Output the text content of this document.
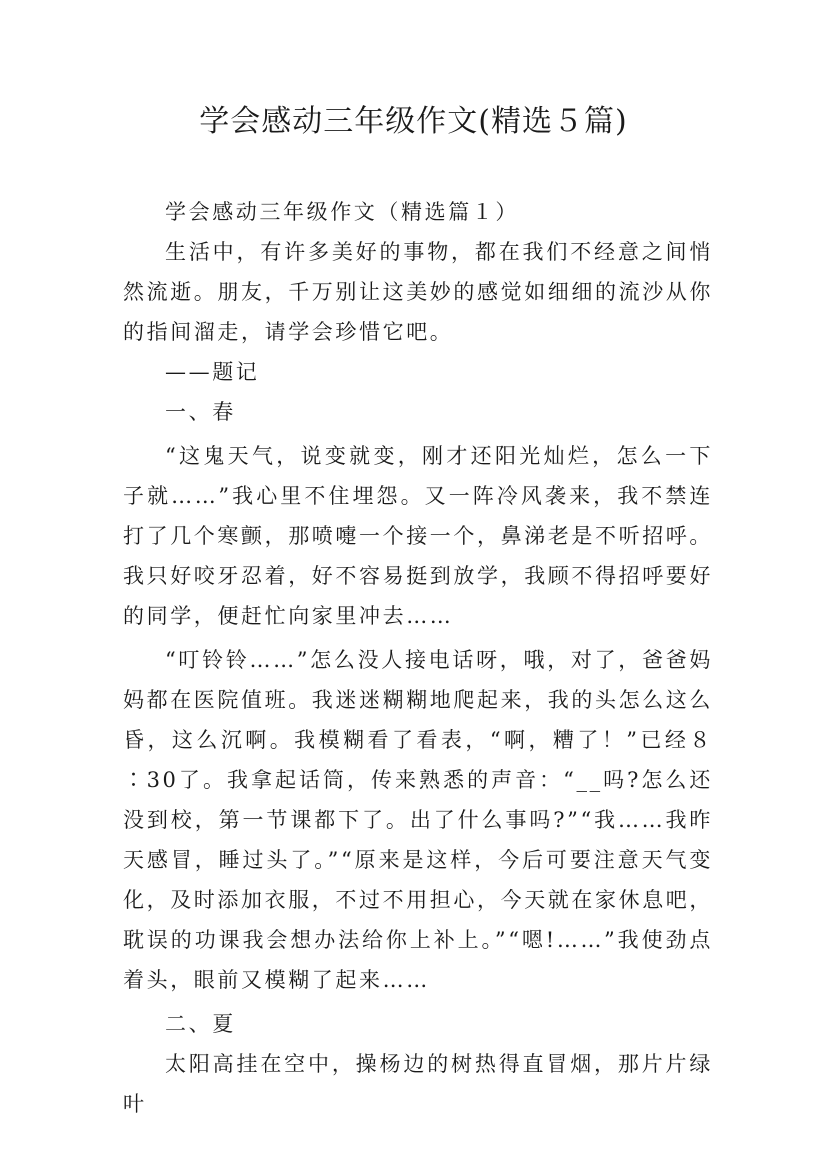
学会感动三年级作文(精选５篇)

学会感动三年级作文（精选篇１）

生活中，有许多美好的事物，都在我们不经意之间悄然流逝。朋友，千万别让这美妙的感觉如细细的流沙从你的指间溜走，请学会珍惜它吧。

——题记

一、春

“这鬼天气，说变就变，刚才还阳光灿烂，怎么一下子就……”我心里不住埋怨。又一阵冷风袭来，我不禁连打了几个寒颤，那喷嚏一个接一个，鼻涕老是不听招呼。我只好咬牙忍着，好不容易挺到放学，我顾不得招呼要好的同学，便赶忙向家里冲去……

“叮铃铃……”怎么没人接电话呀，哦，对了，爸爸妈妈都在医院值班。我迷迷糊糊地爬起来，我的头怎么这么昏，这么沉啊。我模糊看了看表，“啊，糟了！”已经８∶30了。我拿起话筒，传来熟悉的声音：“__吗?怎么还没到校，第一节课都下了。出了什么事吗?”“我……我昨天感冒，睡过头了。”“原来是这样，今后可要注意天气变化，及时添加衣服，不过不用担心，今天就在家休息吧，耽误的功课我会想办法给你上补上。”“嗯!……”我使劲点着头，眼前又模糊了起来……

二、夏

太阳高挂在空中，操杨边的树热得直冒烟，那片片绿叶
